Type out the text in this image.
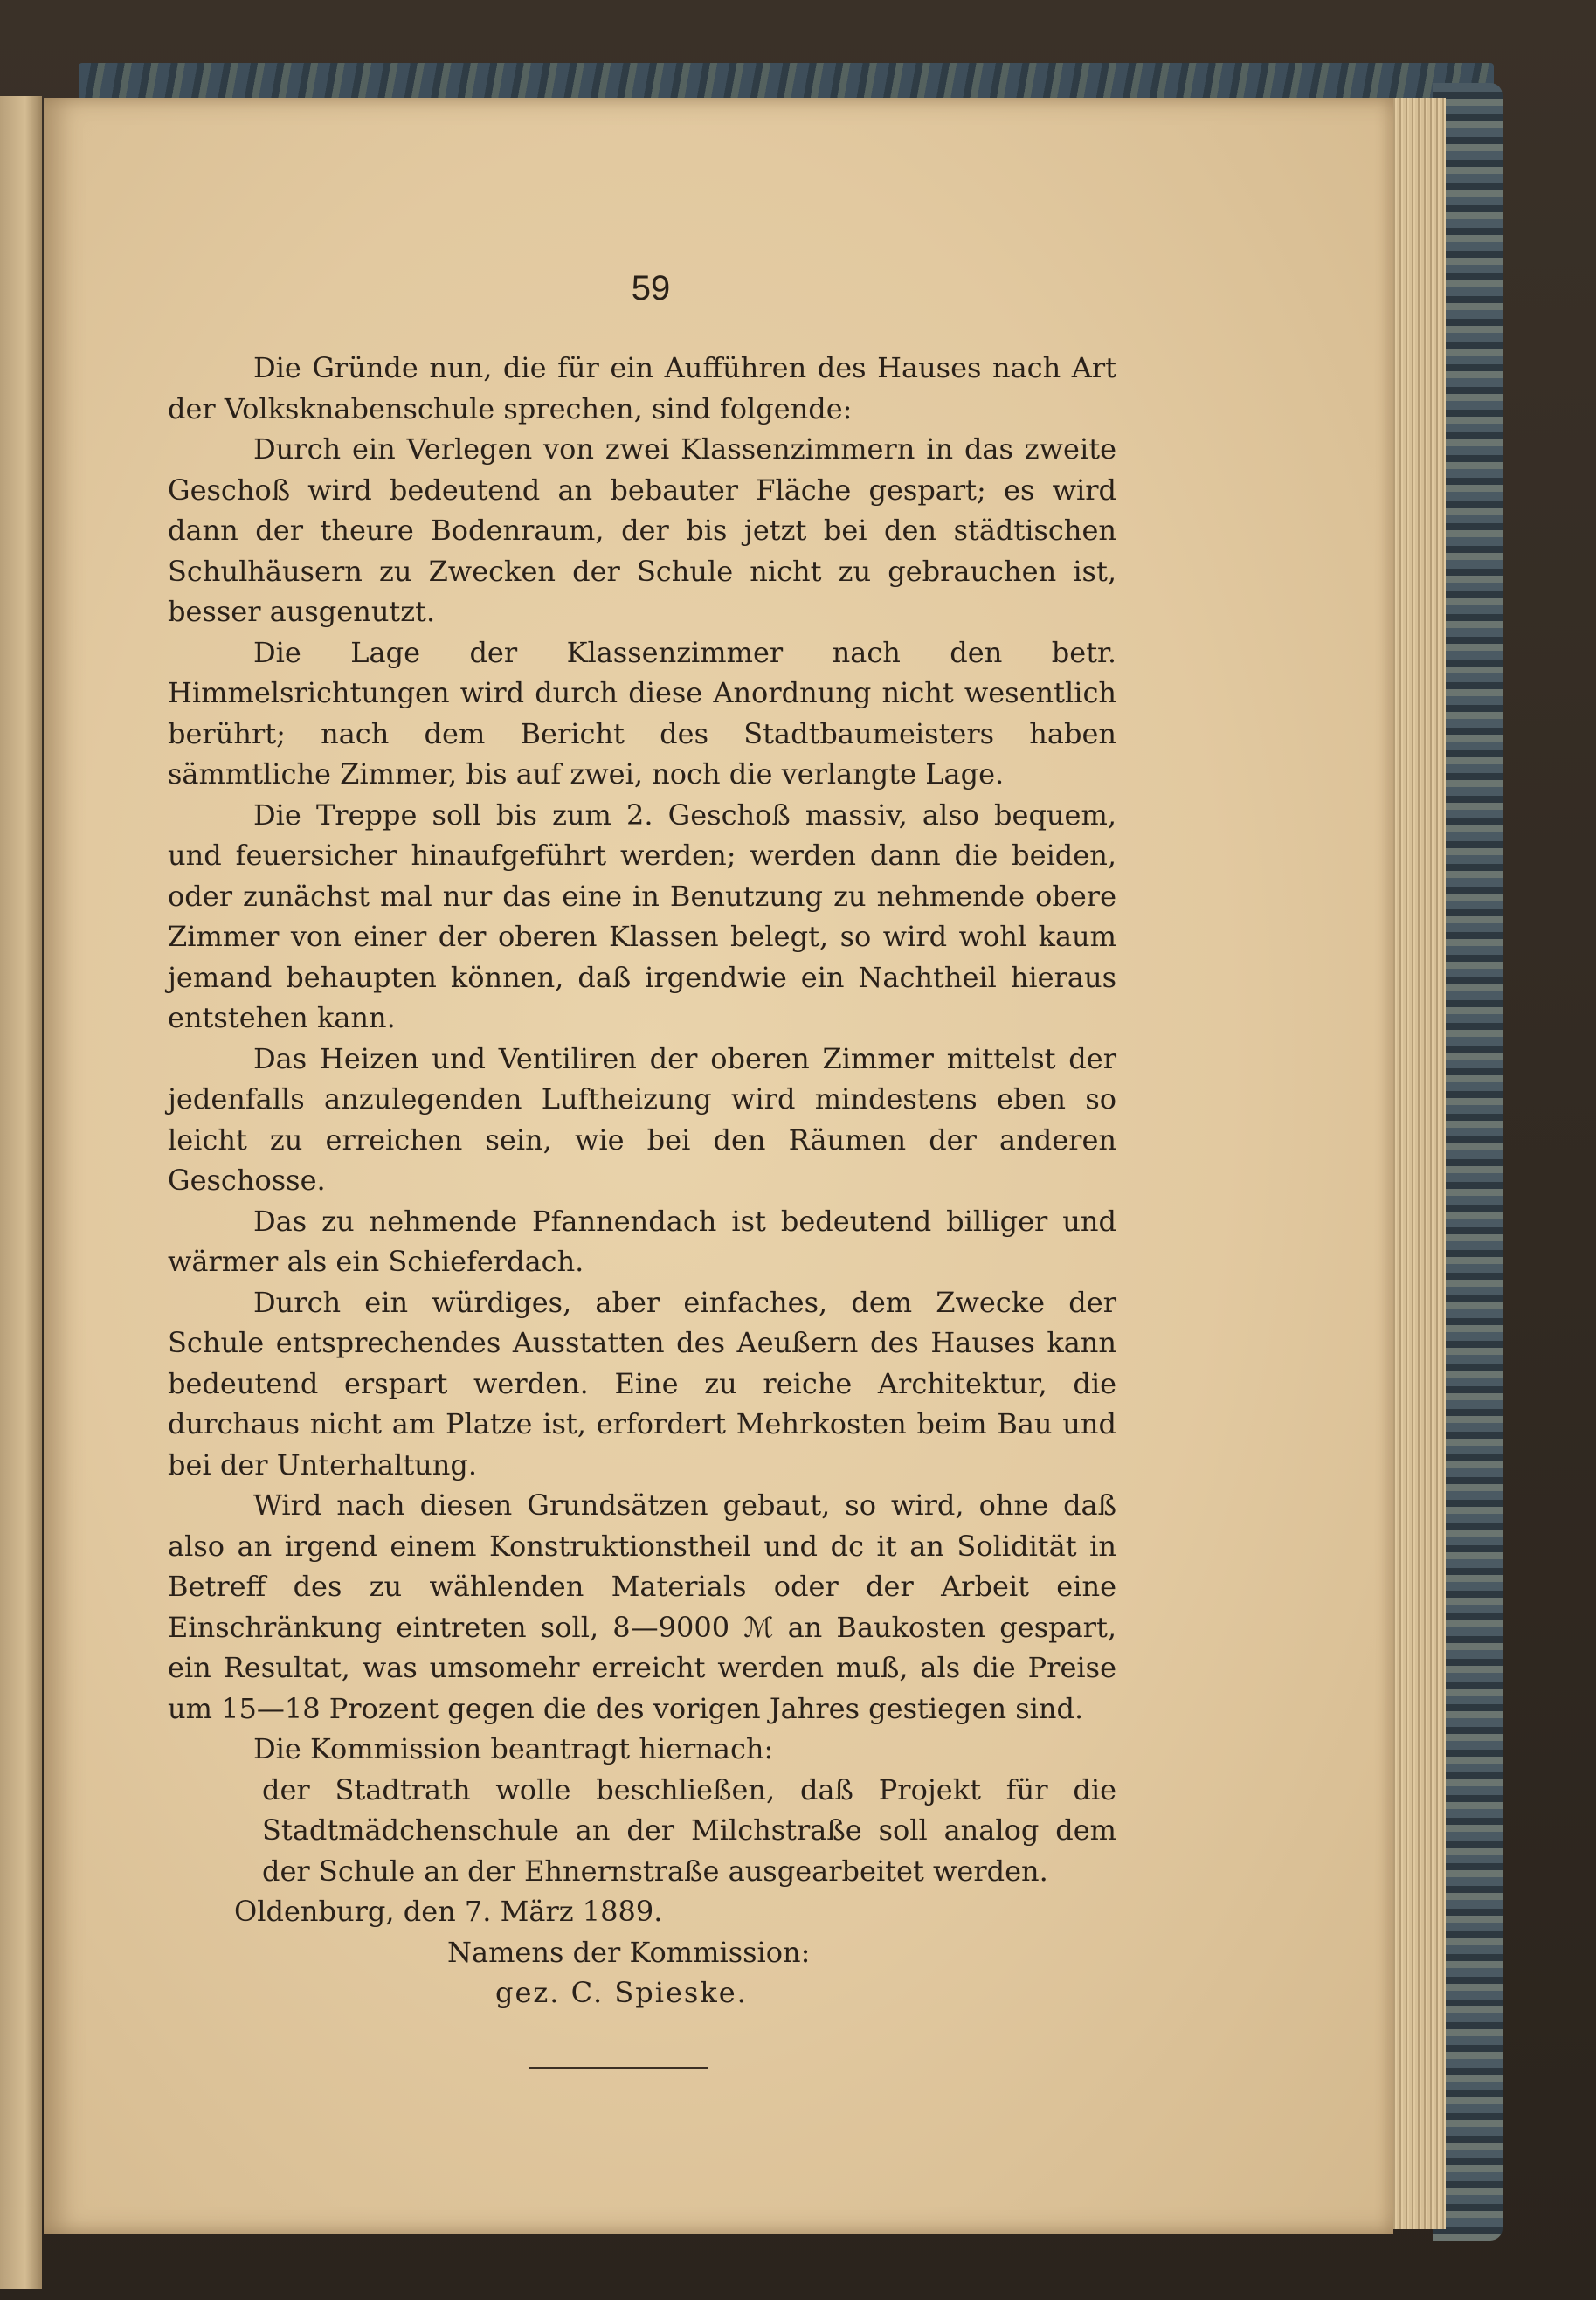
59

Die Gründe nun, die für ein Aufführen des Hauses nach Art der Volksknabenschule sprechen, sind folgende:

Durch ein Verlegen von zwei Klassenzimmern in das zweite Geschoß wird bedeutend an bebauter Fläche gespart; es wird dann der theure Bodenraum, der bis jetzt bei den städtischen Schulhäusern zu Zwecken der Schule nicht zu gebrauchen ist, besser ausgenutzt.

Die Lage der Klassenzimmer nach den betr. Himmelsrichtungen wird durch diese Anordnung nicht wesentlich berührt; nach dem Bericht des Stadtbaumeisters haben sämmtliche Zimmer, bis auf zwei, noch die verlangte Lage.

Die Treppe soll bis zum 2. Geschoß massiv, also bequem, und feuersicher hinaufgeführt werden; werden dann die beiden, oder zunächst mal nur das eine in Benutzung zu nehmende obere Zimmer von einer der oberen Klassen belegt, so wird wohl kaum jemand behaupten können, daß irgendwie ein Nachtheil hieraus entstehen kann.

Das Heizen und Ventiliren der oberen Zimmer mittelst der jedenfalls anzulegenden Luftheizung wird mindestens eben so leicht zu erreichen sein, wie bei den Räumen der anderen Geschosse.

Das zu nehmende Pfannendach ist bedeutend billiger und wärmer als ein Schieferdach.

Durch ein würdiges, aber einfaches, dem Zwecke der Schule entsprechendes Ausstatten des Aeußern des Hauses kann bedeutend erspart werden. Eine zu reiche Architektur, die durchaus nicht am Platze ist, erfordert Mehrkosten beim Bau und bei der Unterhaltung.

Wird nach diesen Grundsätzen gebaut, so wird, ohne daß also an irgend einem Konstruktionstheil und dc it an Solidität in Betreff des zu wählenden Materials oder der Arbeit eine Einschränkung eintreten soll, 8—9000 ℳ an Baukosten gespart, ein Resultat, was umsomehr erreicht werden muß, als die Preise um 15—18 Prozent gegen die des vorigen Jahres gestiegen sind.

Die Kommission beantragt hiernach:

der Stadtrath wolle beschließen, daß Projekt für die Stadtmädchenschule an der Milchstraße soll analog dem der Schule an der Ehnernstraße ausgearbeitet werden.

Oldenburg, den 7. März 1889.

Namens der Kommission:

gez. C. Spieske.
